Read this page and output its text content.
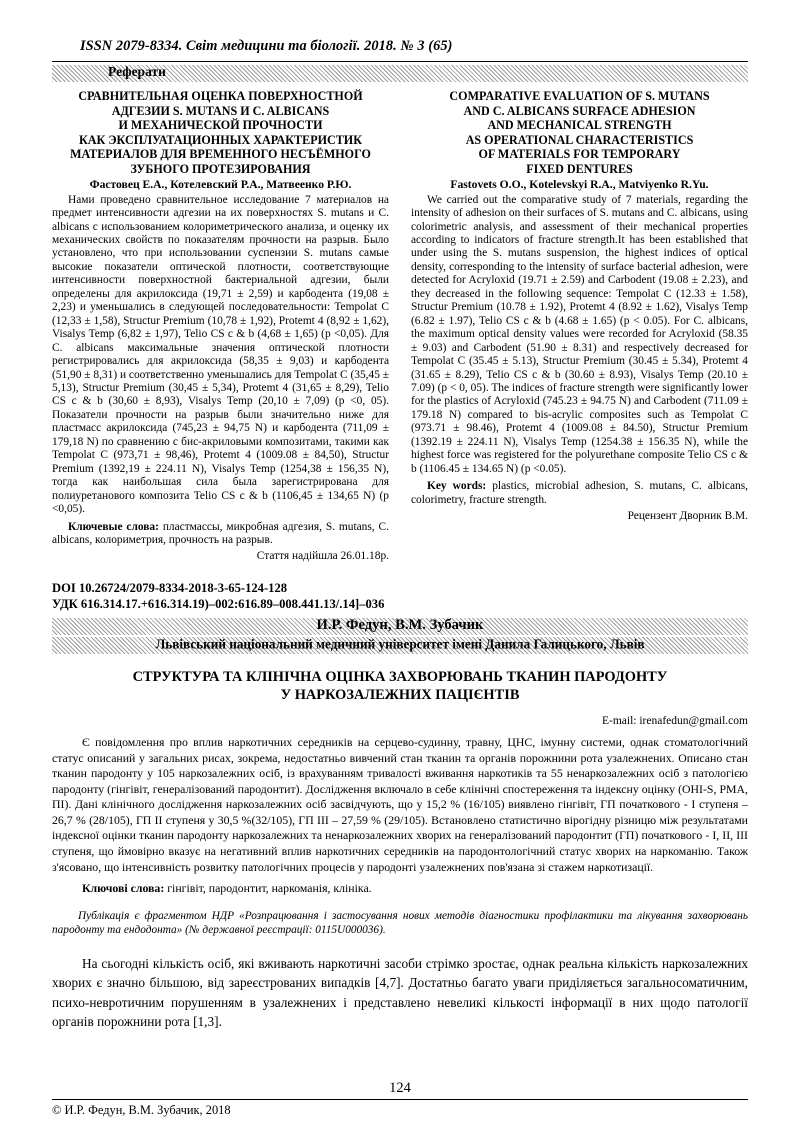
ISSN 2079-8334. Світ медицини та біології. 2018. № 3 (65)
Реферати
СРАВНИТЕЛЬНАЯ ОЦЕНКА ПОВЕРХНОСТНОЙ
АДГЕЗИИ S. MUTANS И C. ALBICANS
И МЕХАНИЧЕСКОЙ ПРОЧНОСТИ
КАК ЭКСПЛУАТАЦИОННЫХ ХАРАКТЕРИСТИК
МАТЕРИАЛОВ ДЛЯ ВРЕМЕННОГО НЕСЪЁМНОГО
ЗУБНОГО ПРОТЕЗИРОВАНИЯ
Фастовец Е.А., Котелевский Р.А., Матвеенко Р.Ю.

Нами проведено сравнительное исследование 7 материалов на предмет интенсивности адгезии на их поверхностях S. mutans и C. albicans с использованием колориметрического анализа, и оценку их механических свойств по показателям прочности на разрыв. Было установлено, что при использовании суспензии S. mutans самые высокие показатели оптической плотности, соответствующие интенсивности поверхностной бактериальной адгезии, были определены для акрилоксида (19,71 ± 2,59) и карбодента (19,08 ± 2,23) и уменьшались в следующей последовательности: Tempolat C (12,33 ± 1,58), Structur Premium (10,78 ± 1,92), Protemt 4 (8,92 ± 1,62), Visalys Temp (6,82 ± 1,97), Telio CS c & b (4,68 ± 1,65) (р <0,05). Для C. albicans максимальные значения оптической плотности регистрировались для акрилоксида (58,35 ± 9,03) и карбодента (51,90 ± 8,31) и соответственно уменьшались для Tempolat C (35,45 ± 5,13), Structur Premium (30,45 ± 5,34), Protemt 4 (31,65 ± 8,29), Telio CS c & b (30,60 ± 8,93), Visalys Temp (20,10 ± 7,09) (р <0, 05). Показатели прочности на разрыв были значительно ниже для пластмасс акрилоксида (745,23 ± 94,75 N) и карбодента (711,09 ± 179,18 N) по сравнению с бис-акриловыми композитами, такими как Tempolat C (973,71 ± 98,46), Protemt 4 (1009.08 ± 84,50), Structur Premium (1392,19 ± 224.11 N), Visalys Temp (1254,38 ± 156,35 N), тогда как наибольшая сила была зарегистрирована для полиуретанового композита Telio CS c & b (1106,45 ± 134,65 N) (р <0,05).

Ключевые слова: пластмассы, микробная адгезия, S. mutans, C. albicans, колориметрия, прочность на разрыв.
Стаття надійшла 26.01.18р.
COMPARATIVE EVALUATION OF S. MUTANS
AND C. ALBICANS SURFACE ADHESION
AND MECHANICAL STRENGTH
AS OPERATIONAL CHARACTERISTICS
OF MATERIALS FOR TEMPORARY
FIXED DENTURES
Fastovets O.O., Kotelevskyi R.A., Matviyenko R.Yu.

We carried out the comparative study of 7 materials, regarding the intensity of adhesion on their surfaces of S. mutans and C. albicans, using colorimetric analysis, and assessment of their mechanical properties according to indicators of fracture strength.It has been established that under using the S. mutans suspension, the highest indices of optical density, corresponding to the intensity of surface bacterial adhesion, were detected for Acryloxid (19.71 ± 2.59) and Carbodent (19.08 ± 2.23), and they decreased in the following sequence: Tempolat C (12.33 ± 1.58), Structur Premium (10.78 ± 1.92), Protemt 4 (8.92 ± 1.62), Visalys Temp (6.82 ± 1.97), Telio CS c & b (4.68 ± 1.65) (p < 0.05). For C. albicans, the maximum optical density values were recorded for Acryloxid (58.35 ± 9.03) and Carbodent (51.90 ± 8.31) and respectively decreased for Tempolat C (35.45 ± 5.13), Structur Premium (30.45 ± 5.34), Protemt 4 (31.65 ± 8.29), Telio CS c & b (30.60 ± 8.93), Visalys Temp (20.10 ± 7.09) (p < 0, 05). The indices of fracture strength were significantly lower for the plastics of Acryloxid (745.23 ± 94.75 N) and Carbodent (711.09 ± 179.18 N) compared to bis-acrylic composites such as Tempolat C (973.71 ± 98.46), Protemt 4 (1009.08 ± 84.50), Structur Premium (1392.19 ± 224.11 N), Visalys Temp (1254.38 ± 156.35 N), while the highest force was registered for the polyurethane composite Telio CS c & b (1106.45 ± 134.65 N) (p <0.05).

Key words: plastics, microbial adhesion, S. mutans, C. albicans, colorimetry, fracture strength.
Рецензент Дворник В.М.
DOI 10.26724/2079-8334-2018-3-65-124-128
УДК 616.314.17.+616.314.19)–002:616.89–008.441.13/.14]–036
И.Р. Федун, В.М. Зубачик
Львівський національний медичний університет імені Данила Галицького, Львів
СТРУКТУРА ТА КЛІНІЧНА ОЦІНКА ЗАХВОРЮВАНЬ ТКАНИН ПАРОДОНТУ
У НАРКОЗАЛЕЖНИХ ПАЦІЄНТІВ
E-mail: irenafedun@gmail.com

Є повідомлення про вплив наркотичних середників на серцево-судинну, травну, ЦНС, імунну системи, однак стоматологічний статус описаний у загальних рисах, зокрема, недостатньо вивчений стан тканин та органів порожнини рота узалежнених. Описано стан тканин пародонту у 105 наркозалежних осіб, із врахуванням тривалості вживання наркотиків та 55 ненаркозалежних осіб з патологією пародонту (гінгівіт, генералізований пародонтит). Дослідження включало в себе клінічні спостереження та індексну оцінку (ОНІ-S, PMA, ПІ). Дані клінічного дослідження наркозалежних осіб засвідчують, що у 15,2 % (16/105) виявлено гінгівіт, ГП початкового - І ступеня – 26,7 % (28/105), ГП ІІ ступеня у 30,5 %(32/105), ГП ІІІ – 27,59 % (29/105). Встановлено статистично вірогідну різницю між результатами індексної оцінки тканин пародонту наркозалежних та ненаркозалежних хворих на генералізований пародонтит (ГП) початкового - І, ІІ, ІІІ ступеня, що ймовірно вказує на негативний вплив наркотичних середників на пародонтологічний статус хворих на наркоманію. Також з'ясовано, що інтенсивність розвитку патологічних процесів у пародонті узалежнених пов'язана зі стажем наркотизації.

Ключові слова: гінгівіт, пародонтит, наркоманія, клініка.
Публікація є фрагментом НДР «Розпрацювання і застосування нових методів діагностики профілактики та лікування захворювань пародонту та ендодонта» (№ державної реєстрації: 0115U000036).

На сьогодні кількість осіб, які вживають наркотичні засоби стрімко зростає, однак реальна кількість наркозалежних хворих є значно більшою, від зареєстрованих випадків [4,7]. Достатньо багато уваги приділяється загальносоматичним, психо-невротичним порушенням в узалежнених і представлено невеликі кількості інформації в них щодо патології органів порожнини рота [1,3].

124
© И.Р. Федун, В.М. Зубачик, 2018
